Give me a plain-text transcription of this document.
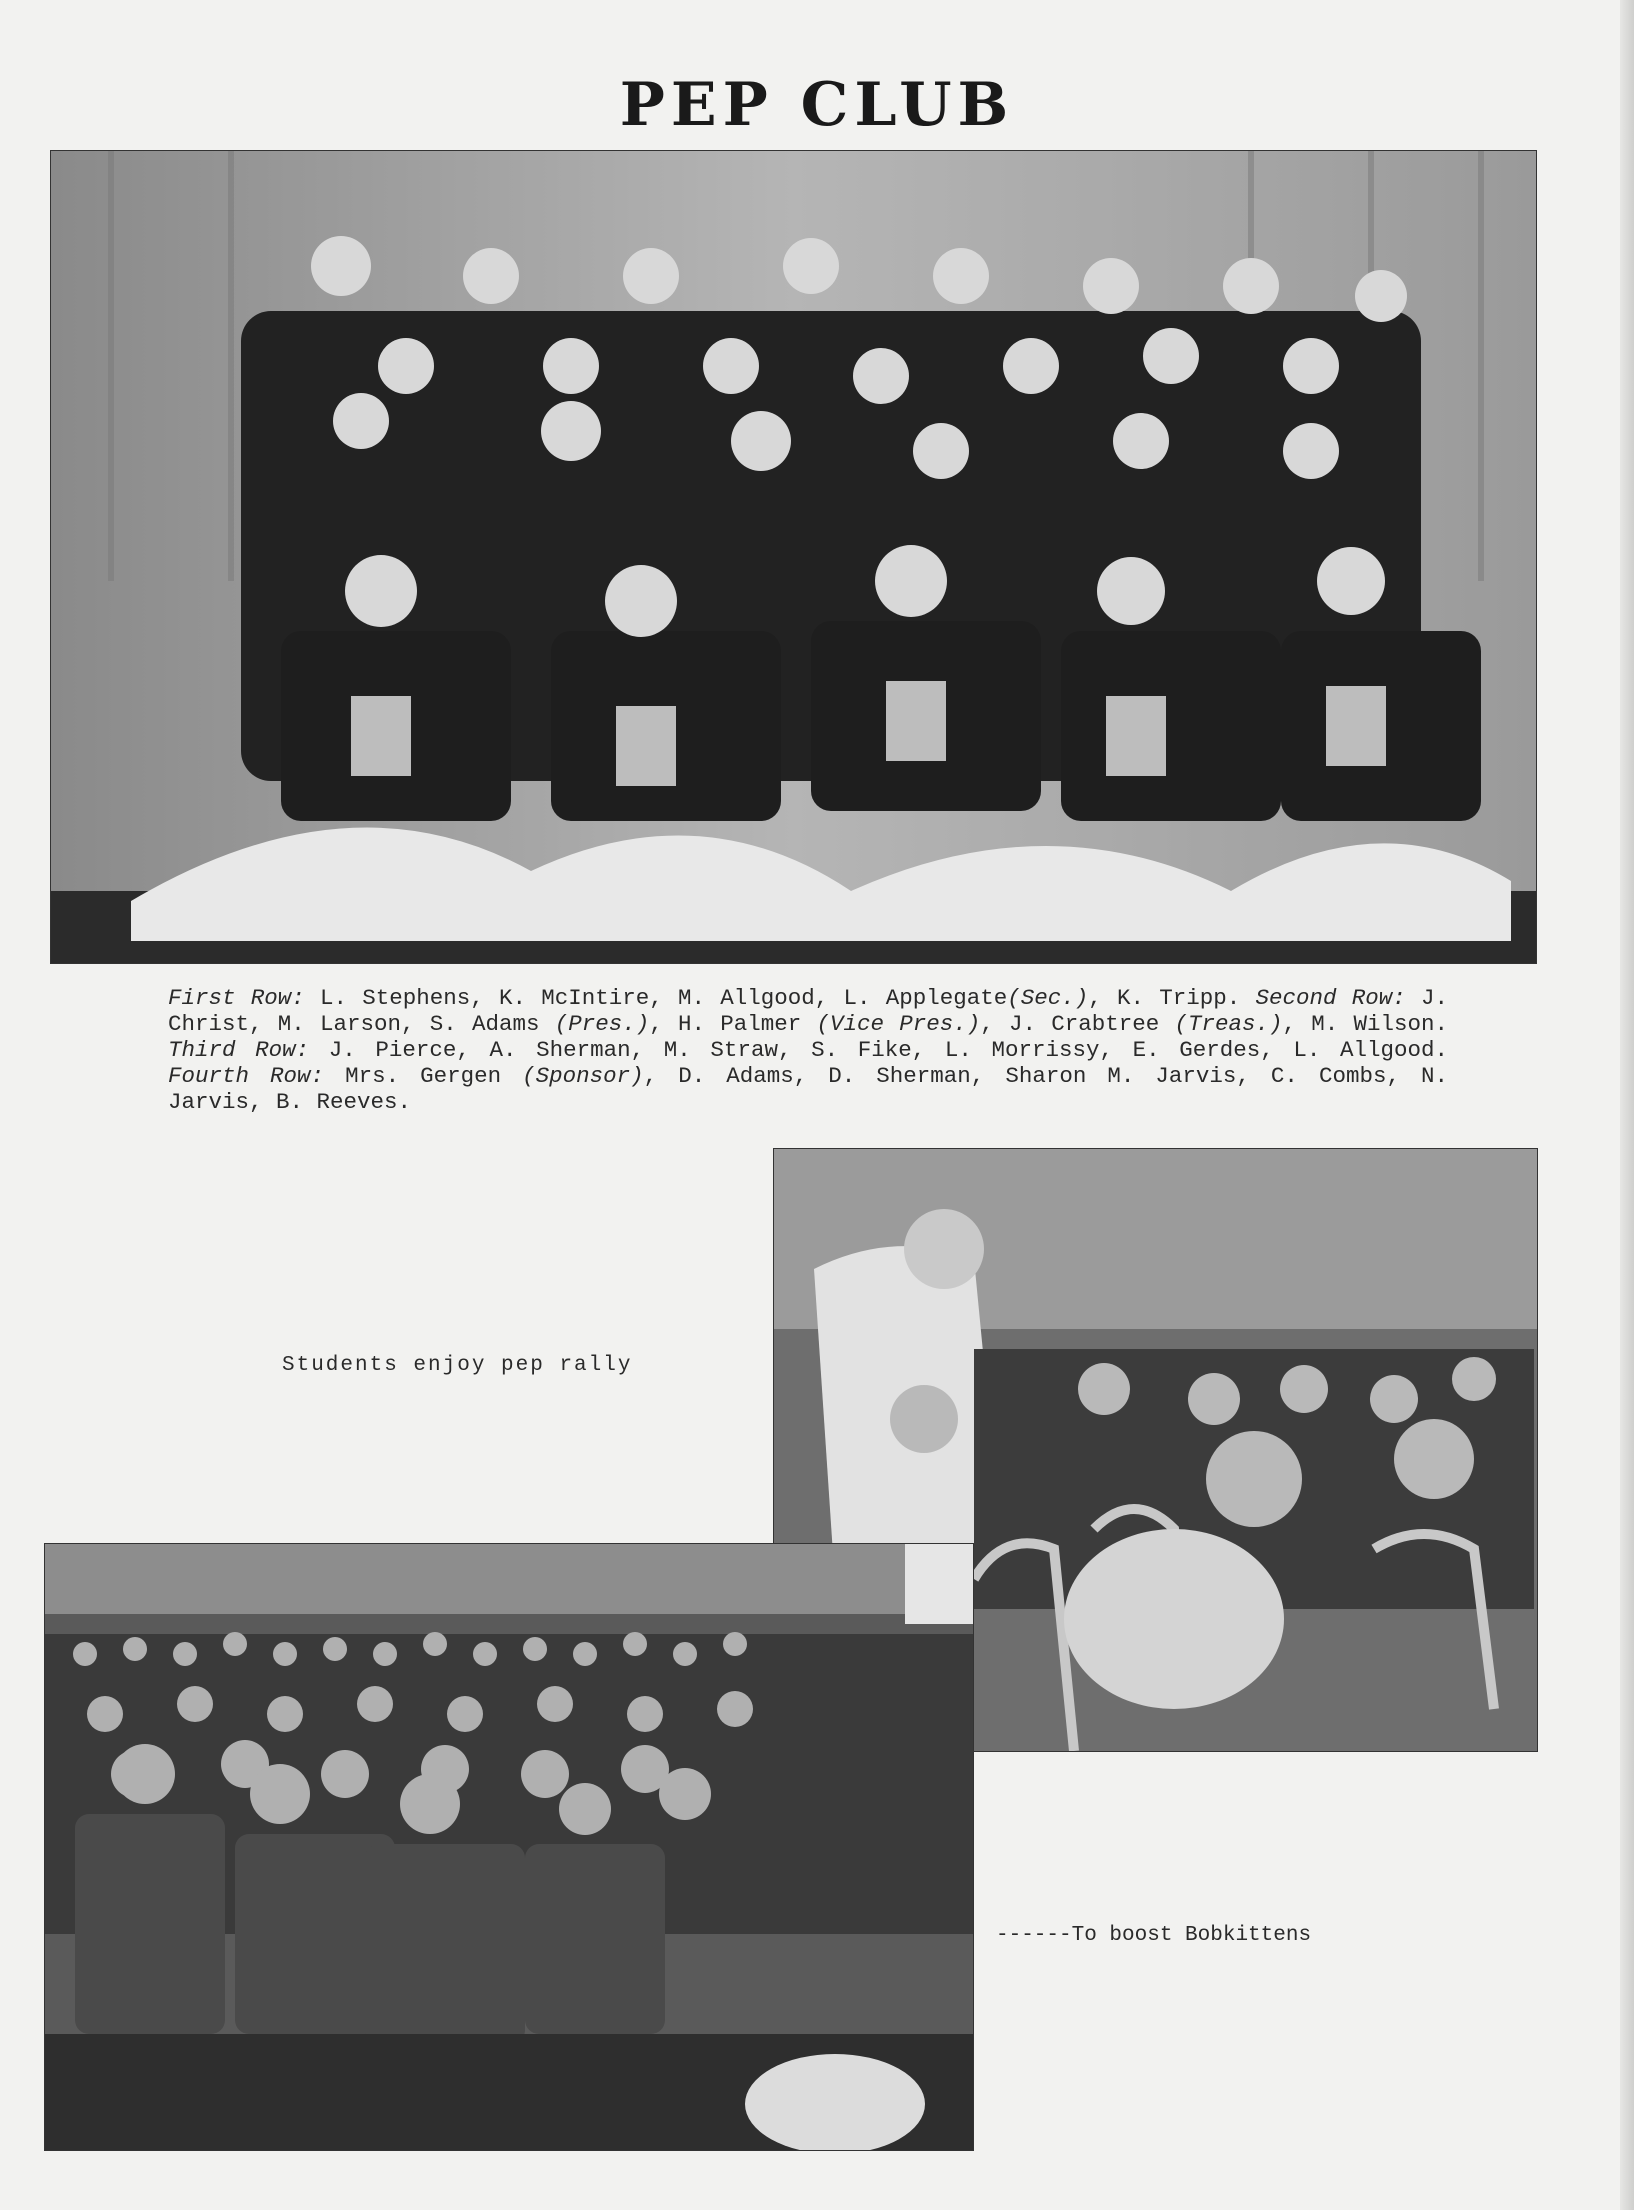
PEP CLUB
First Row: L. Stephens, K. McIntire, M. Allgood, L. Applegate(Sec.), K. Tripp. Second Row: J. Christ, M. Larson, S. Adams (Pres.), H. Palmer (Vice Pres.), J. Crabtree (Treas.), M. Wilson. Third Row: J. Pierce, A. Sherman, M. Straw, S. Fike, L. Morrissy, E. Gerdes, L. Allgood. Fourth Row: Mrs. Gergen (Sponsor), D. Adams, D. Sherman, Sharon M. Jarvis, C. Combs, N. Jarvis, B. Reeves.
Students enjoy pep rally
------To boost Bobkittens
